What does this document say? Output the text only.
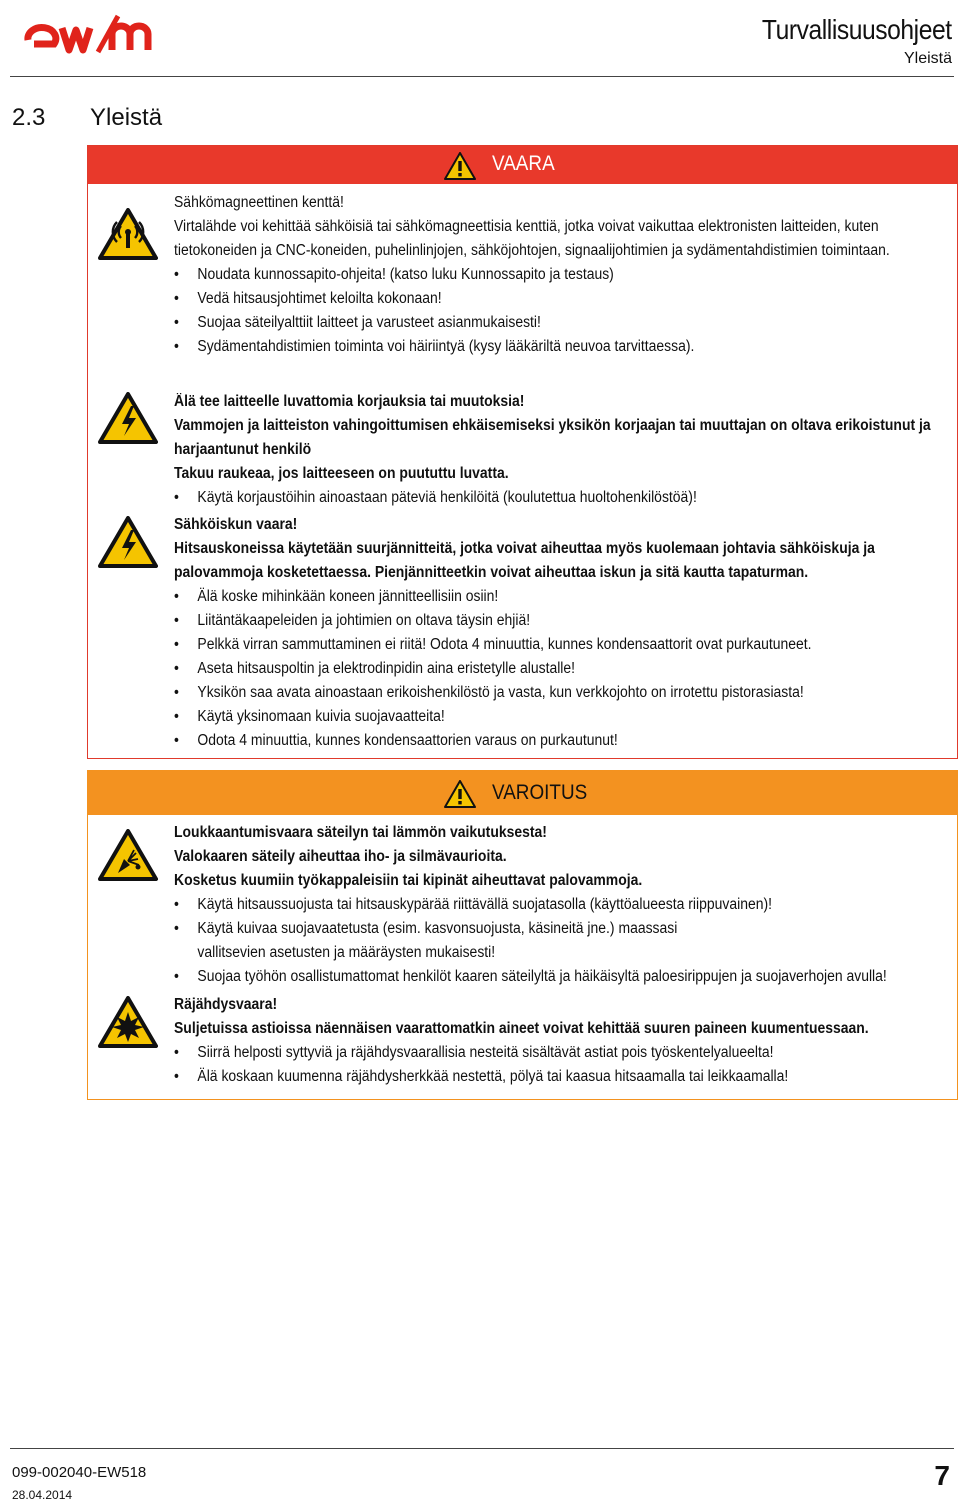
Turvallisuusohjeet
Yleistä
2.3 Yleistä
VAARA

Sähkömagneettinen kenttä!

Virtalähde voi kehittää sähköisiä tai sähkömagneettisia kenttiä, jotka voivat vaikuttaa elektronisten laitteiden, kuten tietokoneiden ja CNC-koneiden, puhelinlinjojen, sähköjohtojen, signaalijohtimien ja sydämentahdistimien toimintaan.

• Noudata kunnossapito-ohjeita! (katso luku Kunnossapito ja testaus)
• Vedä hitsausjohtimet keloilta kokonaan!
• Suojaa säteilyalttiit laitteet ja varusteet asianmukaisesti!
• Sydämentahdistimien toiminta voi häiriintyä (kysy lääkäriltä neuvoa tarvittaessa).

Älä tee laitteelle luvattomia korjauksia tai muutoksia!

Vammojen ja laitteiston vahingoittumisen ehkäisemiseksi yksikön korjaajan tai muuttajan on oltava erikoistunut ja harjaantunut henkilö

Takuu raukeaa, jos laitteeseen on puututtu luvatta.

• Käytä korjaustöihin ainoastaan päteviä henkilöitä (koulutettua huoltohenkilöstöä)!

Sähköiskun vaara!

Hitsauskoneissa käytetään suurjännitteitä, jotka voivat aiheuttaa myös kuolemaan johtavia sähköiskuja ja palovammoja kosketettaessa. Pienjännitteetkin voivat aiheuttaa iskun ja sitä kautta tapaturman.

• Älä koske mihinkään koneen jännitteellisiin osiin!
• Liitäntäkaapeleiden ja johtimien on oltava täysin ehjiä!
• Pelkkä virran sammuttaminen ei riitä! Odota 4 minuuttia, kunnes kondensaattorit ovat purkautuneet.
• Aseta hitsauspoltin ja elektrodinpidin aina eristetylle alustalle!
• Yksikön saa avata ainoastaan erikoishenkilöstö ja vasta, kun verkkojohto on irrotettu pistorasiasta!
• Käytä yksinomaan kuivia suojavaatteita!
• Odota 4 minuuttia, kunnes kondensaattorien varaus on purkautunut!
VAROITUS

Loukkaantumisvaara säteilyn tai lämmön vaikutuksesta!

Valokaaren säteily aiheuttaa iho- ja silmävaurioita.

Kosketus kuumiin työkappaleisiin tai kipinät aiheuttavat palovammoja.

• Käytä hitsaussuojusta tai hitsauskypärää riittävällä suojatasolla (käyttöalueesta riippuvainen)!
• Käytä kuivaa suojavaatetusta (esim. kasvonsuojusta, käsineitä jne.) maassasi vallitsevien asetusten ja määräysten mukaisesti!
• Suojaa työhön osallistumattomat henkilöt kaaren säteilyltä ja häikäisyltä paloesirippujen ja suojaverhojen avulla!

Räjähdysvaara!

Suljetuissa astioissa näennäisen vaarattomatkin aineet voivat kehittää suuren paineen kuumentuessaan.

• Siirrä helposti syttyviä ja räjähdysvaarallisia nesteitä sisältävät astiat pois työskentelyalueelta!
• Älä koskaan kuumenna räjähdysherkkää nestettä, pölyä tai kaasua hitsaamalla tai leikkaamalla!
099-002040-EW518
28.04.2014
7
